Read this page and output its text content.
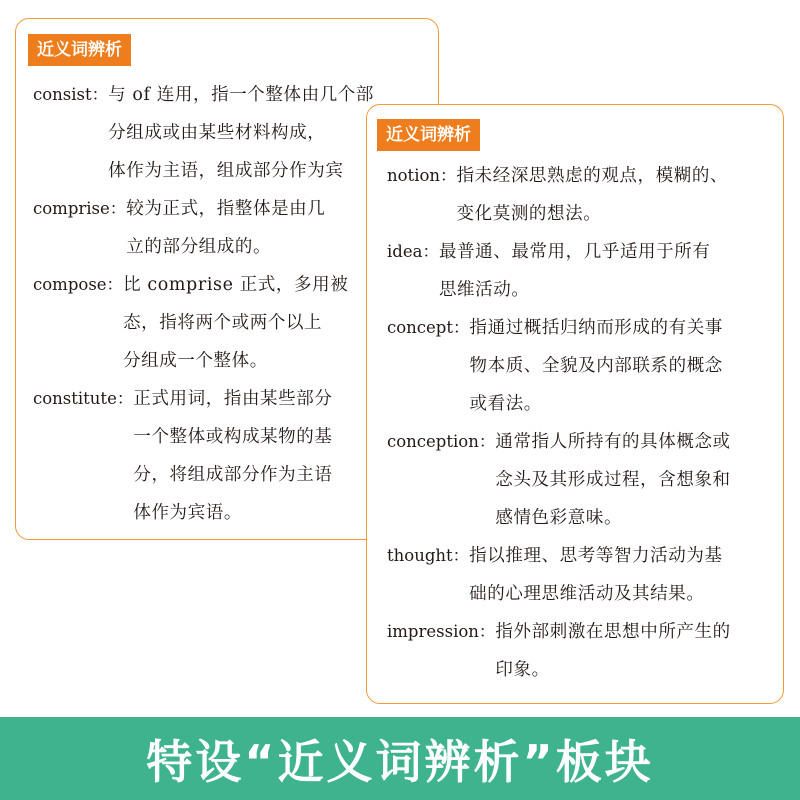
近义词辨析
consist： 与 of 连用，指一个整体由几个部
分组成或由某些材料构成，
体作为主语，组成部分作为宾
comprise： 较为正式，指整体是由几
立的部分组成的。
compose： 比 comprise 正式，多用被
态，指将两个或两个以上
分组成一个整体。
constitute： 正式用词，指由某些部分
一个整体或构成某物的基
分，将组成部分作为主语
体作为宾语。
近义词辨析
notion： 指未经深思熟虑的观点，模糊的、
变化莫测的想法。
idea： 最普通、最常用，几乎适用于所有
思维活动。
concept： 指通过概括归纳而形成的有关事
物本质、全貌及内部联系的概念
或看法。
conception： 通常指人所持有的具体概念或
念头及其形成过程，含想象和
感情色彩意味。
thought： 指以推理、思考等智力活动为基
础的心理思维活动及其结果。
impression： 指外部刺激在思想中所产生的
印象。
特设“近义词辨析”板块
